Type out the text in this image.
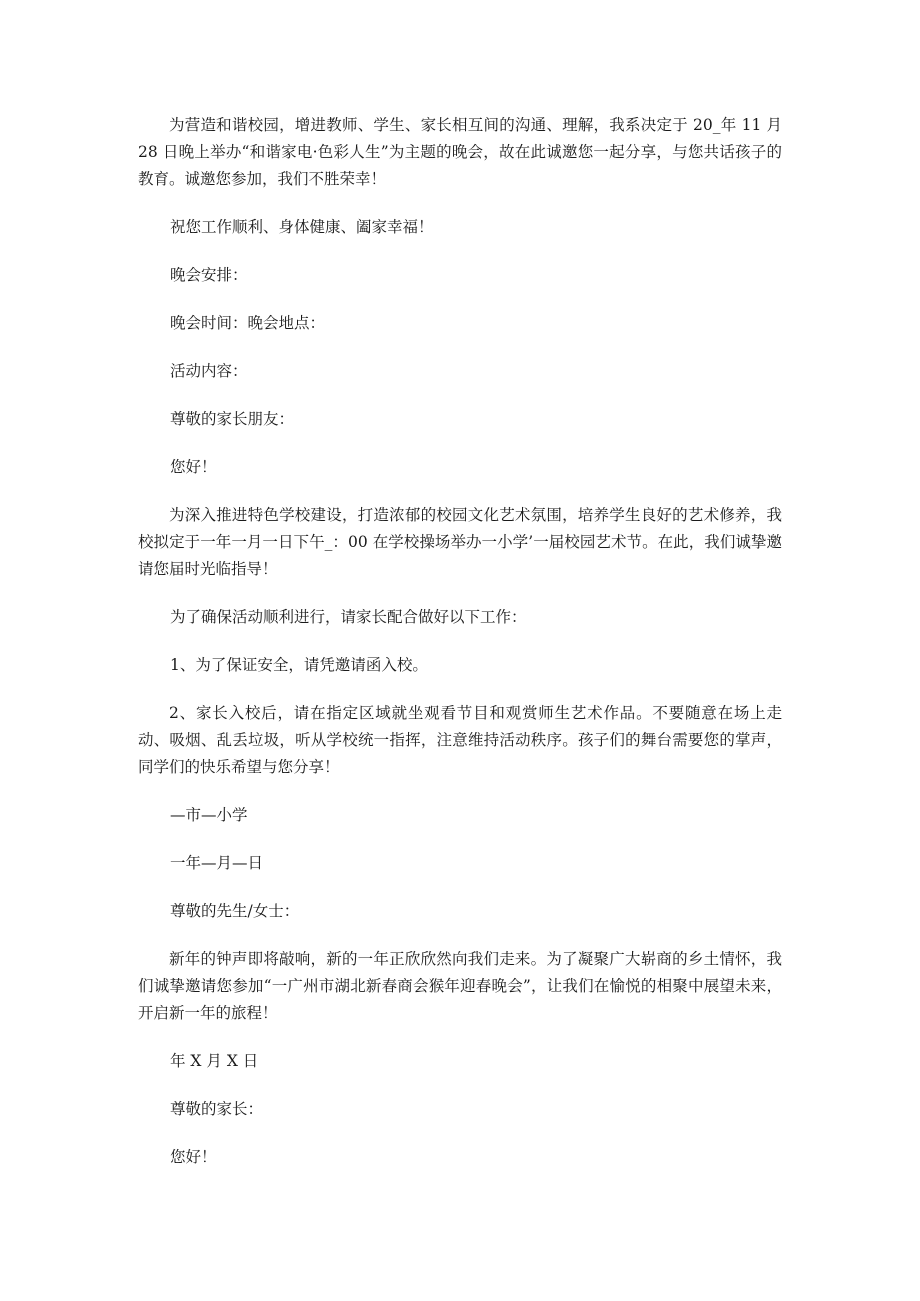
为营造和谐校园，增进教师、学生、家长相互间的沟通、理解，我系决定于 20_年 11 月 28 日晚上举办“和谐家电·色彩人生”为主题的晚会，故在此诚邀您一起分享，与您共话孩子的教育。诚邀您参加，我们不胜荣幸！

祝您工作顺利、身体健康、阖家幸福！

晚会安排：

晚会时间：晚会地点：

活动内容：

尊敬的家长朋友：

您好！

为深入推进特色学校建设，打造浓郁的校园文化艺术氛围，培养学生良好的艺术修养，我校拟定于一年一月一日下午_：00 在学校操场举办一小学’一届校园艺术节。在此，我们诚挚邀请您届时光临指导！

为了确保活动顺利进行，请家长配合做好以下工作：

1、为了保证安全，请凭邀请函入校。

2、家长入校后，请在指定区域就坐观看节目和观赏师生艺术作品。不要随意在场上走动、吸烟、乱丢垃圾，听从学校统一指挥，注意维持活动秩序。孩子们的舞台需要您的掌声，同学们的快乐希望与您分享！

—市—小学

一年—月—日

尊敬的先生/女士：

新年的钟声即将敲响，新的一年正欣欣然向我们走来。为了凝聚广大崭商的乡土情怀，我们诚挚邀请您参加“一广州市湖北新春商会猴年迎春晚会”，让我们在愉悦的相聚中展望未来，开启新一年的旅程！

年 X 月 X 日

尊敬的家长：

您好！
